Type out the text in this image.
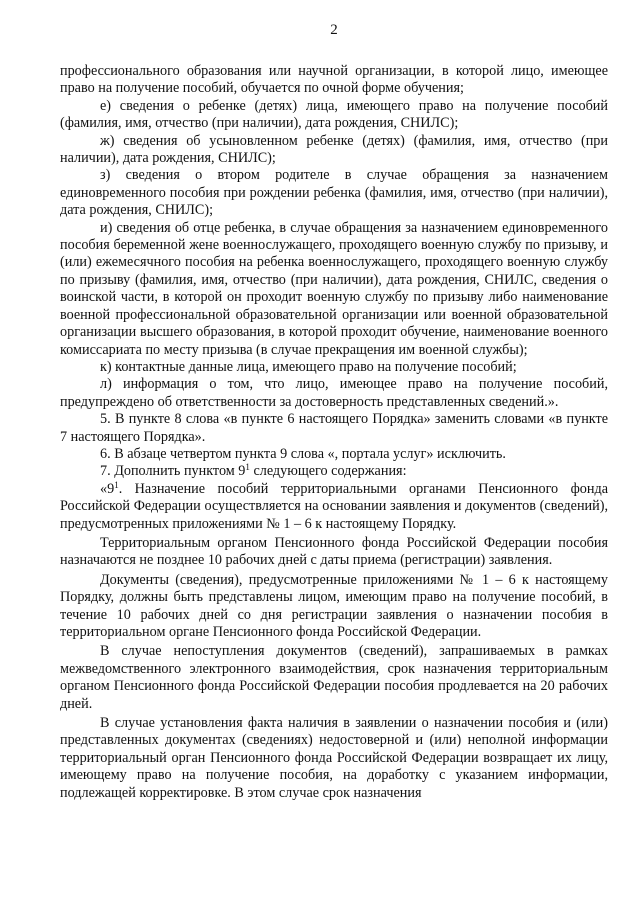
2

профессионального образования или научной организации, в которой лицо, имеющее право на получение пособий, обучается по очной форме обучения;

е) сведения о ребенке (детях) лица, имеющего право на получение пособий (фамилия, имя, отчество (при наличии), дата рождения, СНИЛС);

ж) сведения об усыновленном ребенке (детях) (фамилия, имя, отчество (при наличии), дата рождения, СНИЛС);

з) сведения о втором родителе в случае обращения за назначением единовременного пособия при рождении ребенка (фамилия, имя, отчество (при наличии), дата рождения, СНИЛС);

и) сведения об отце ребенка, в случае обращения за назначением единовременного пособия беременной жене военнослужащего, проходящего военную службу по призыву, и (или) ежемесячного пособия на ребенка военнослужащего, проходящего военную службу по призыву (фамилия, имя, отчество (при наличии), дата рождения, СНИЛС, сведения о воинской части, в которой он проходит военную службу по призыву либо наименование военной профессиональной образовательной организации или военной образовательной организации высшего образования, в которой проходит обучение, наименование военного комиссариата по месту призыва (в случае прекращения им военной службы);

к) контактные данные лица, имеющего право на получение пособий;

л) информация о том, что лицо, имеющее право на получение пособий, предупреждено об ответственности за достоверность представленных сведений.».

5. В пункте 8 слова «в пункте 6 настоящего Порядка» заменить словами «в пункте 7 настоящего Порядка».

6. В абзаце четвертом пункта 9 слова «, портала услуг» исключить.

7. Дополнить пунктом $9^1$ следующего содержания:

«$9^1$. Назначение пособий территориальными органами Пенсионного фонда Российской Федерации осуществляется на основании заявления и документов (сведений), предусмотренных приложениями № 1 – 6 к настоящему Порядку.

Территориальным органом Пенсионного фонда Российской Федерации пособия назначаются не позднее 10 рабочих дней с даты приема (регистрации) заявления.

Документы (сведения), предусмотренные приложениями № 1 – 6 к настоящему Порядку, должны быть представлены лицом, имеющим право на получение пособий, в течение 10 рабочих дней со дня регистрации заявления о назначении пособия в территориальном органе Пенсионного фонда Российской Федерации.

В случае непоступления документов (сведений), запрашиваемых в рамках межведомственного электронного взаимодействия, срок назначения территориальным органом Пенсионного фонда Российской Федерации пособия продлевается на 20 рабочих дней.

В случае установления факта наличия в заявлении о назначении пособия и (или) представленных документах (сведениях) недостоверной и (или) неполной информации территориальный орган Пенсионного фонда Российской Федерации возвращает их лицу, имеющему право на получение пособия, на доработку с указанием информации, подлежащей корректировке. В этом случае срок назначения
